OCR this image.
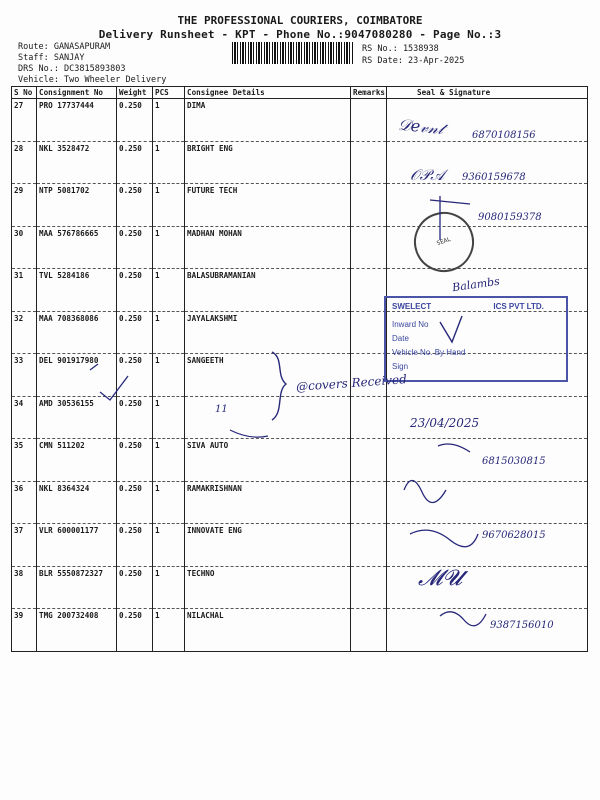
THE PROFESSIONAL COURIERS, COIMBATORE
Delivery Runsheet - KPT - Phone No.:9047080280 - Page No.:3
Route: GANASAPURAM
Staff: SANJAY
DRS No.: DC3815893803
Vehicle: Two Wheeler Delivery
RS No.: 1538938
RS Date: 23-Apr-2025
S No	Consignment No	Weight	PCS	Consignee Details	Remarks	Seal & Signature
27	PRO 17737444	0.250	1	DIMA		
28	NKL 3528472	0.250	1	BRIGHT ENG		
29	NTP 5081702	0.250	1	FUTURE TECH		
30	MAA 576786665	0.250	1	MADHAN MOHAN		
31	TVL 5284186	0.250	1	BALASUBRAMANIAN		
32	MAA 708368086	0.250	1	JAYALAKSHMI		
33	DEL 901917980	0.250	1	SANGEETH		
34	AMD 30536155	0.250	1			
35	CMN 511202	0.250	1	SIVA AUTO		
36	NKL 8364324	0.250	1	RAMAKRISHNAN		
37	VLR 600001177	0.250	1	INNOVATE ENG		
38	BLR 5550872327	0.250	1	TECHNO		
39	TMG 200732408	0.250	1	NILACHAL		
𝒟𝑒𝓋𝓃𝓉	6870108156
𝒪𝒫𝒜 9360159678
9080159378
Balambs
SEAL
SWELECT	ICS PVT LTD.
Inward No
Date
Vehicle No. By Hand
Sign
@covers Received
23/04/2025
11
6815030815
9670628015
𝓜𝓤
9387156010
